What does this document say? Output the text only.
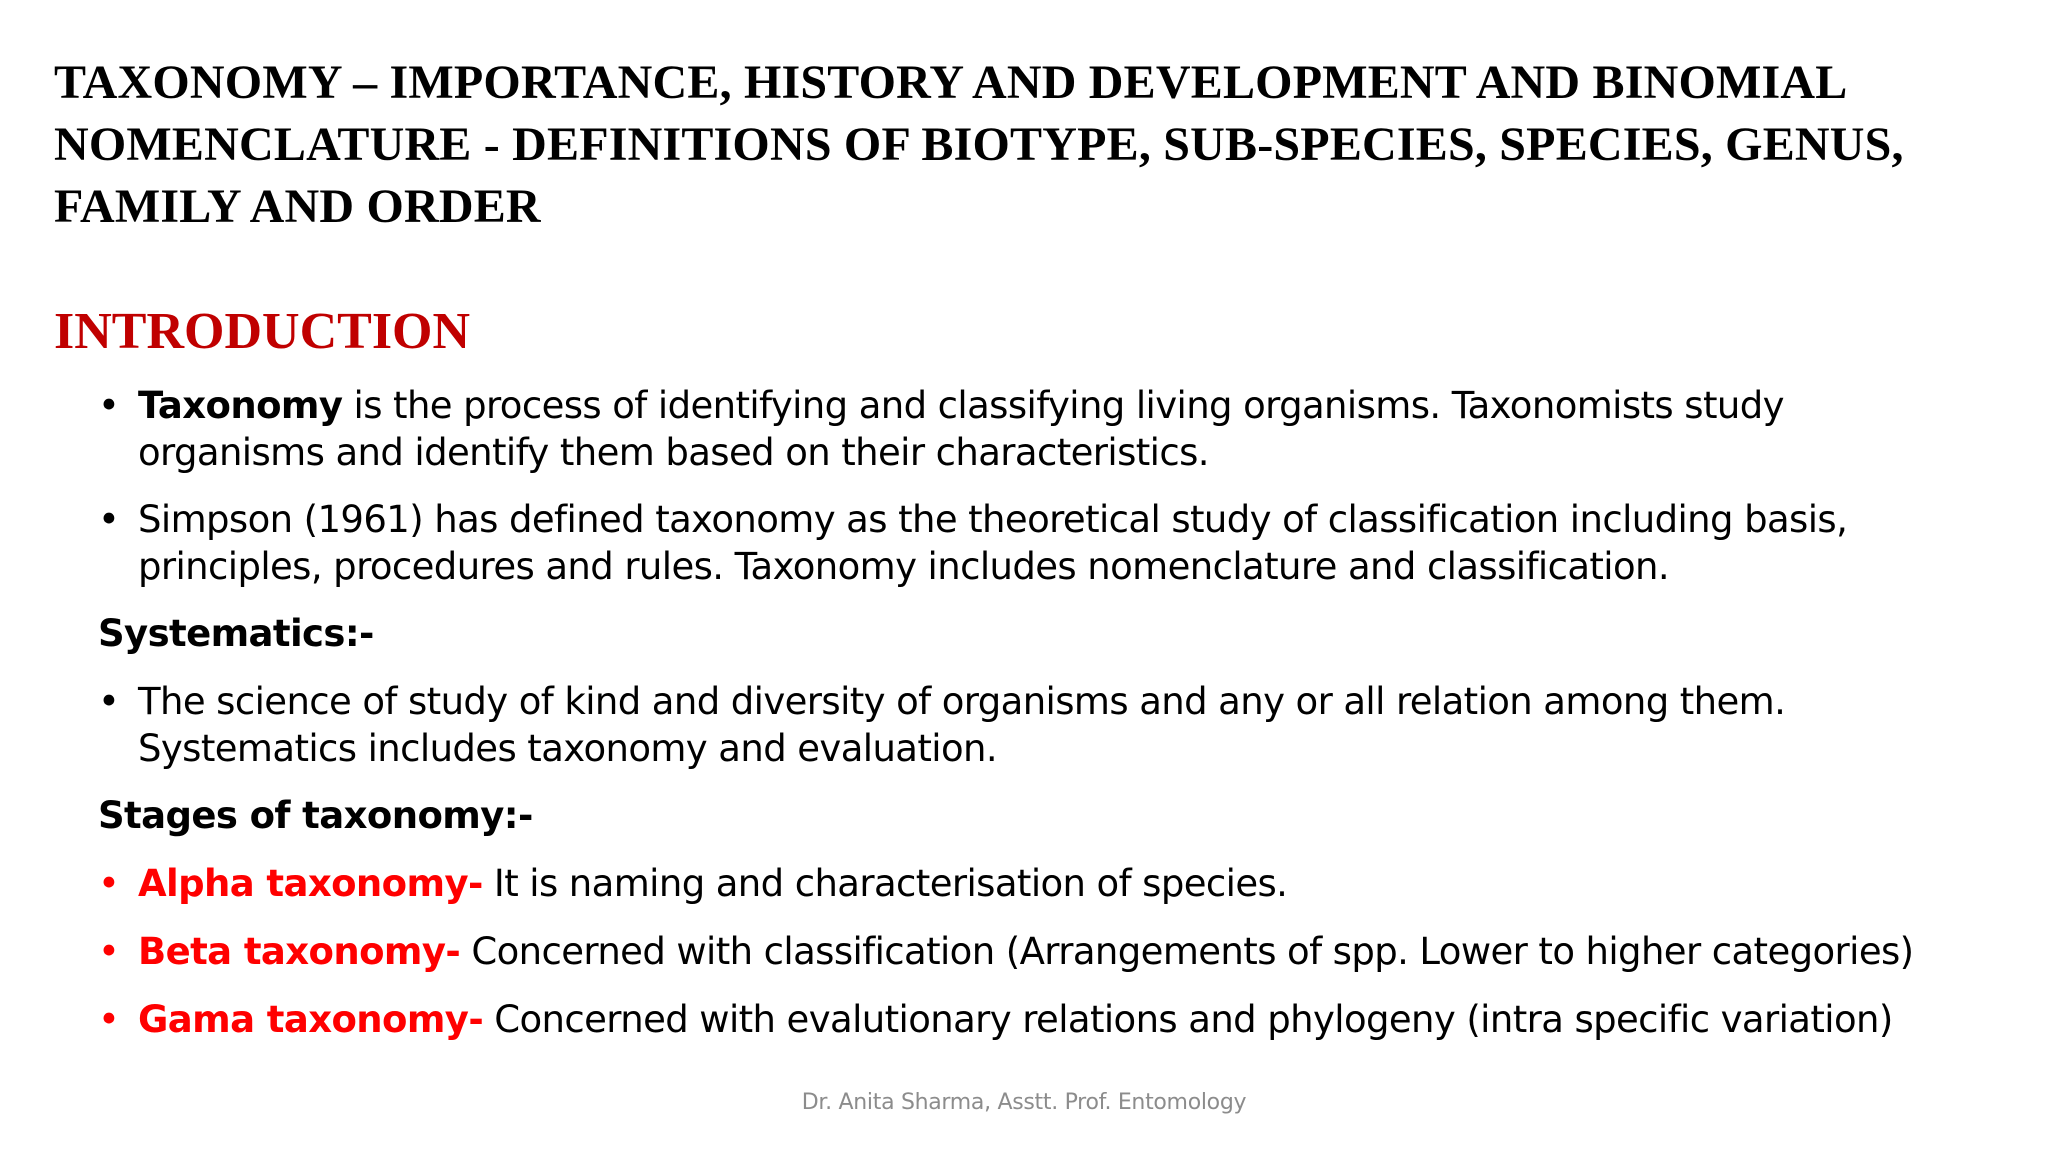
TAXONOMY – IMPORTANCE, HISTORY AND DEVELOPMENT AND BINOMIAL NOMENCLATURE - DEFINITIONS OF BIOTYPE, SUB-SPECIES, SPECIES, GENUS, FAMILY AND ORDER
INTRODUCTION
• Taxonomy is the process of identifying and classifying living organisms. Taxonomists study organisms and identify them based on their characteristics.
• Simpson (1961) has defined taxonomy as the theoretical study of classification including basis, principles, procedures and rules. Taxonomy includes nomenclature and classification.
Systematics:-
• The science of study of kind and diversity of organisms and any or all relation among them. Systematics includes taxonomy and evaluation.
Stages of taxonomy:-
• Alpha taxonomy- It is naming and characterisation of species.
• Beta taxonomy- Concerned with classification (Arrangements of spp. Lower to higher categories)
• Gama taxonomy- Concerned with evalutionary relations and phylogeny (intra specific variation)
Dr. Anita Sharma, Asstt. Prof. Entomology
